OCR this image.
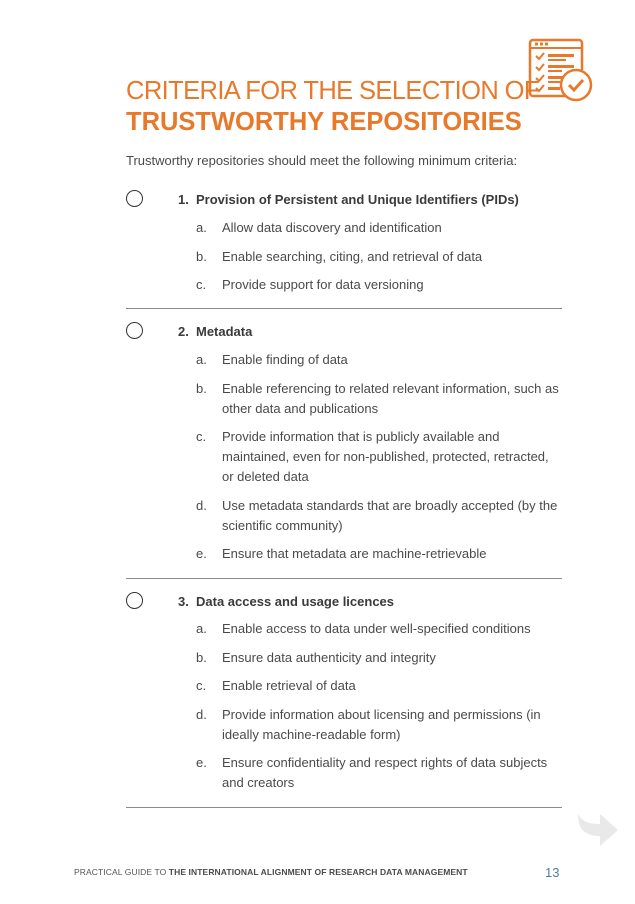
CRITERIA FOR THE SELECTION OF
TRUSTWORTHY REPOSITORIES

Trustworthy repositories should meet the following minimum criteria:

1. Provision of Persistent and Unique Identifiers (PIDs)
a.	Allow data discovery and identification
b.	Enable searching, citing, and retrieval of data
c.	Provide support for data versioning
2. Metadata
a.	Enable finding of data
b.	Enable referencing to related relevant information, such as other data and publications
c.	Provide information that is publicly available and maintained, even for non-published, protected, retracted, or deleted data
d.	Use metadata standards that are broadly accepted (by the scientific community)
e.	Ensure that metadata are machine-retrievable
3. Data access and usage licences
a.	Enable access to data under well-specified conditions
b.	Ensure data authenticity and integrity
c.	Enable retrieval of data
d.	Provide information about licensing and permissions (in ideally machine-readable form)
e.	Ensure confidentiality and respect rights of data subjects and creators
PRACTICAL GUIDE TO THE INTERNATIONAL ALIGNMENT OF RESEARCH DATA MANAGEMENT	13
